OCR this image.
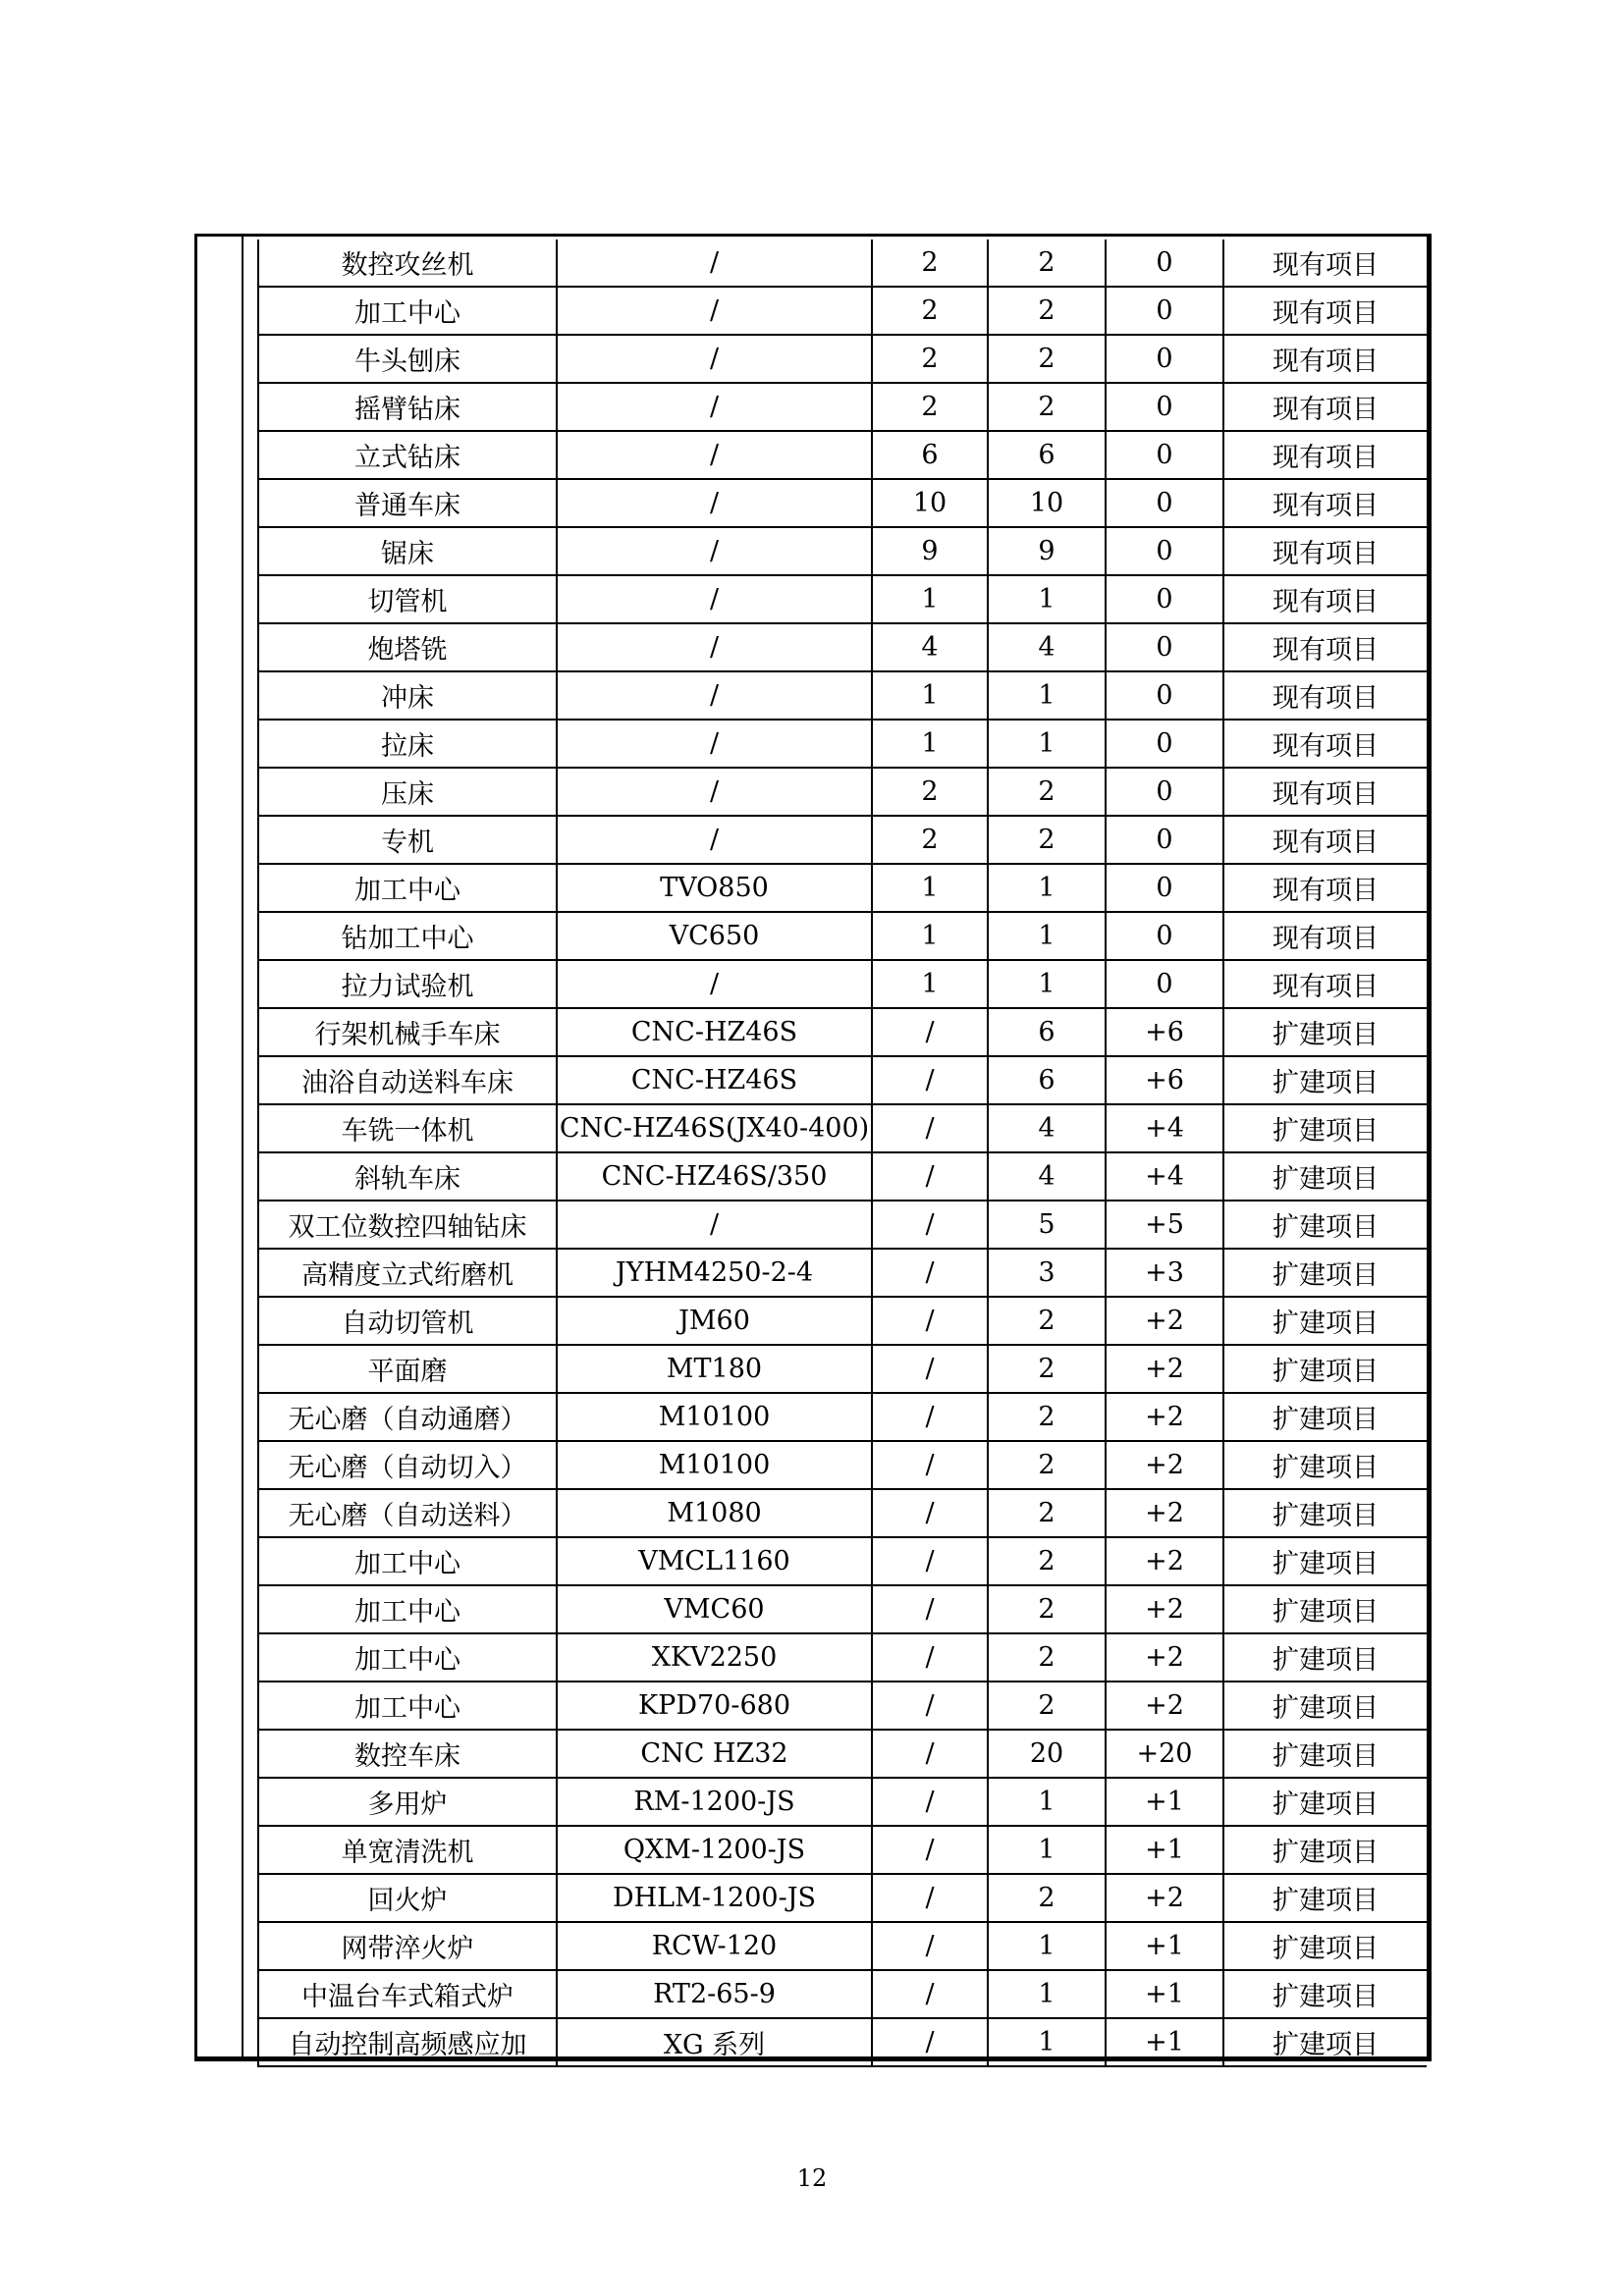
数控攻丝机	/	2	2	0	现有项目
加工中心	/	2	2	0	现有项目
牛头刨床	/	2	2	0	现有项目
摇臂钻床	/	2	2	0	现有项目
立式钻床	/	6	6	0	现有项目
普通车床	/	10	10	0	现有项目
锯床	/	9	9	0	现有项目
切管机	/	1	1	0	现有项目
炮塔铣	/	4	4	0	现有项目
冲床	/	1	1	0	现有项目
拉床	/	1	1	0	现有项目
压床	/	2	2	0	现有项目
专机	/	2	2	0	现有项目
加工中心	TVO850	1	1	0	现有项目
钻加工中心	VC650	1	1	0	现有项目
拉力试验机	/	1	1	0	现有项目
行架机械手车床	CNC-HZ46S	/	6	+6	扩建项目
油浴自动送料车床	CNC-HZ46S	/	6	+6	扩建项目
车铣一体机	CNC-HZ46S(JX40-400)	/	4	+4	扩建项目
斜轨车床	CNC-HZ46S/350	/	4	+4	扩建项目
双工位数控四轴钻床	/	/	5	+5	扩建项目
高精度立式绗磨机	JYHM4250-2-4	/	3	+3	扩建项目
自动切管机	JM60	/	2	+2	扩建项目
平面磨	MT180	/	2	+2	扩建项目
无心磨（自动通磨）	M10100	/	2	+2	扩建项目
无心磨（自动切入）	M10100	/	2	+2	扩建项目
无心磨（自动送料）	M1080	/	2	+2	扩建项目
加工中心	VMCL1160	/	2	+2	扩建项目
加工中心	VMC60	/	2	+2	扩建项目
加工中心	XKV2250	/	2	+2	扩建项目
加工中心	KPD70-680	/	2	+2	扩建项目
数控车床	CNC HZ32	/	20	+20	扩建项目
多用炉	RM-1200-JS	/	1	+1	扩建项目
单宽清洗机	QXM-1200-JS	/	1	+1	扩建项目
回火炉	DHLM-1200-JS	/	2	+2	扩建项目
网带淬火炉	RCW-120	/	1	+1	扩建项目
中温台车式箱式炉	RT2-65-9	/	1	+1	扩建项目
自动控制高频感应加	XG 系列	/	1	+1	扩建项目
12
